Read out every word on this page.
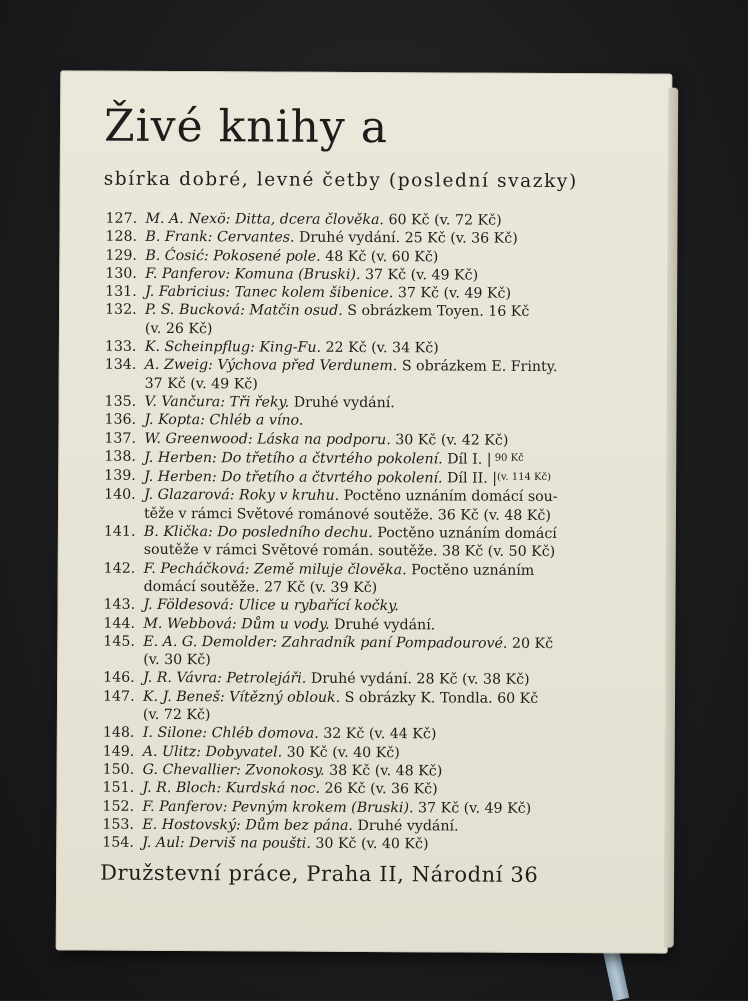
Živé knihy a
sbírka dobré, levné četby (poslední svazky)
127. M. A. Nexö: Ditta, dcera člověka. 60 Kč (v. 72 Kč)
128. B. Frank: Cervantes. Druhé vydání. 25 Kč (v. 36 Kč)
129. B. Ćosić: Pokosené pole. 48 Kč (v. 60 Kč)
130. F. Panferov: Komuna (Bruski). 37 Kč (v. 49 Kč)
131. J. Fabricius: Tanec kolem šibenice. 37 Kč (v. 49 Kč)
132. P. S. Bucková: Matčin osud. S obrázkem Toyen. 16 Kč
(v. 26 Kč)
133. K. Scheinpflug: King-Fu. 22 Kč (v. 34 Kč)
134. A. Zweig: Výchova před Verdunem. S obrázkem E. Frinty.
37 Kč (v. 49 Kč)
135. V. Vančura: Tři řeky. Druhé vydání.
136. J. Kopta: Chléb a víno.
137. W. Greenwood: Láska na podporu. 30 Kč (v. 42 Kč)
138. J. Herben: Do třetího a čtvrtého pokolení. Díl I. | $^{90 Kč}$
139. J. Herben: Do třetího a čtvrtého pokolení. Díl II. $|^{(v. 114 Kč)}$
140. J. Glazarová: Roky v kruhu. Poctěno uznáním domácí sou-
těže v rámci Světové románové soutěže. 36 Kč (v. 48 Kč)
141. B. Klička: Do posledního dechu. Poctěno uznáním domácí
soutěže v rámci Světové román. soutěže. 38 Kč (v. 50 Kč)
142. F. Pecháčková: Země miluje člověka. Poctěno uznáním
domácí soutěže. 27 Kč (v. 39 Kč)
143. J. Földesová: Ulice u rybařící kočky.
144. M. Webbová: Dům u vody. Druhé vydání.
145. E. A. G. Demolder: Zahradník paní Pompadourové. 20 Kč
(v. 30 Kč)
146. J. R. Vávra: Petrolejáři. Druhé vydání. 28 Kč (v. 38 Kč)
147. K. J. Beneš: Vítězný oblouk. S obrázky K. Tondla. 60 Kč
(v. 72 Kč)
148. I. Silone: Chléb domova. 32 Kč (v. 44 Kč)
149. A. Ulitz: Dobyvatel. 30 Kč (v. 40 Kč)
150. G. Chevallier: Zvonokosy. 38 Kč (v. 48 Kč)
151. J. R. Bloch: Kurdská noc. 26 Kč (v. 36 Kč)
152. F. Panferov: Pevným krokem (Bruski). 37 Kč (v. 49 Kč)
153. E. Hostovský: Dům bez pána. Druhé vydání.
154. J. Aul: Derviš na poušti. 30 Kč (v. 40 Kč)
Družstevní práce, Praha II, Národní 36
